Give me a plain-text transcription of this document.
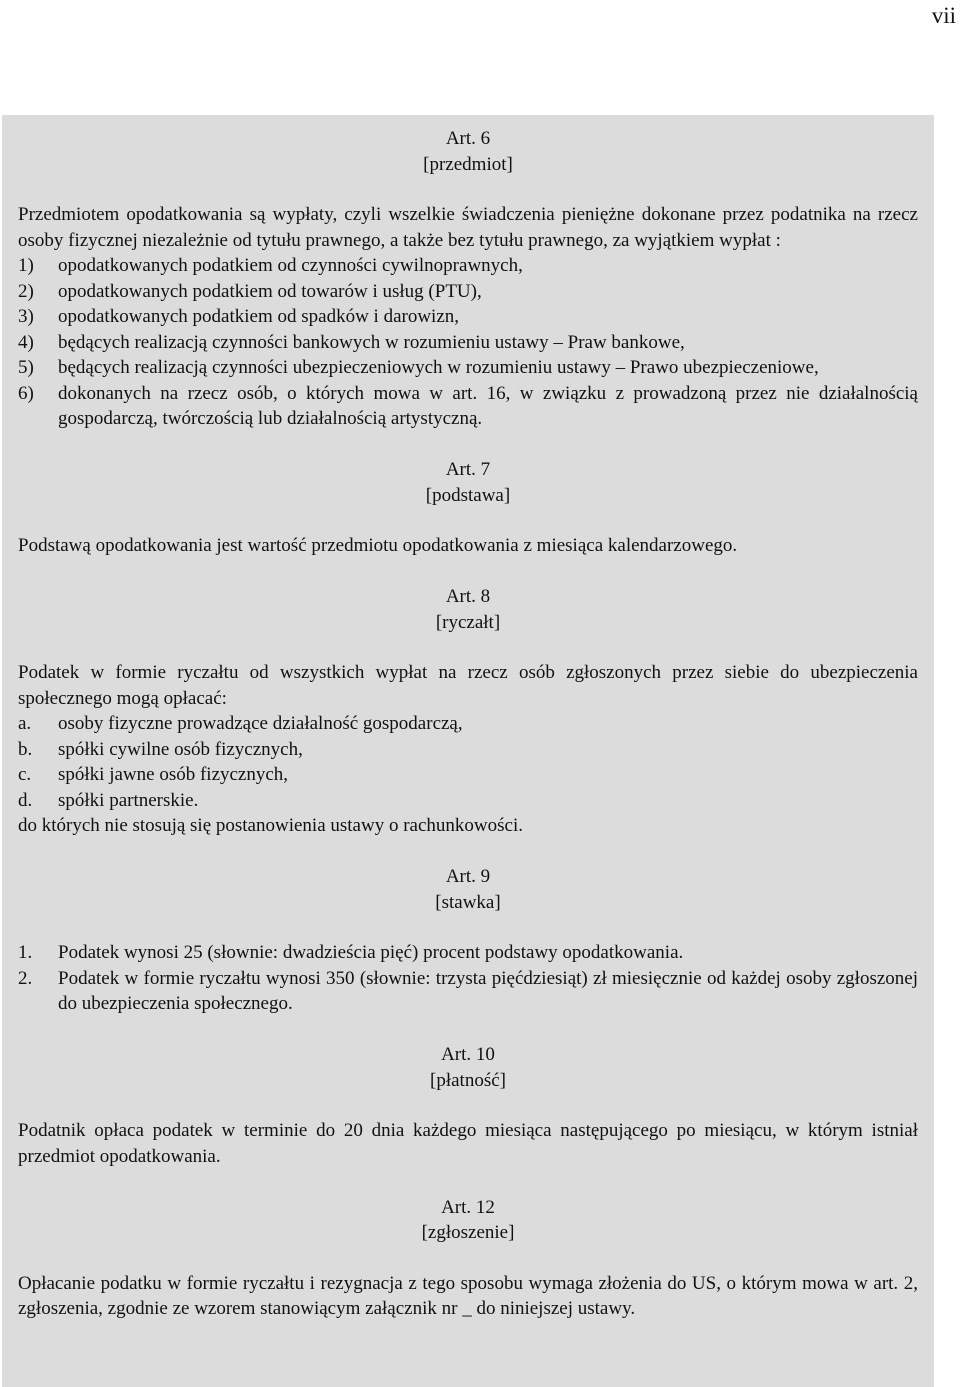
vii
Art. 6
[przedmiot]

Przedmiotem opodatkowania są wypłaty, czyli wszelkie świadczenia pieniężne dokonane przez podatnika na rzecz osoby fizycznej niezależnie od tytułu prawnego, a także bez tytułu prawnego, za wyjątkiem wypłat :

1)	opodatkowanych podatkiem od czynności cywilnoprawnych,
2)	opodatkowanych podatkiem od towarów i usług (PTU),
3)	opodatkowanych podatkiem od spadków i darowizn,
4)	będących realizacją czynności bankowych w rozumieniu ustawy – Praw bankowe,
5)	będących realizacją czynności ubezpieczeniowych w rozumieniu ustawy – Prawo ubezpieczeniowe,
6)	dokonanych na rzecz osób, o których mowa w art. 16, w związku z prowadzoną przez nie działalnością gospodarczą, twórczością lub działalnością artystyczną.
Art. 7
[podstawa]

Podstawą opodatkowania jest wartość przedmiotu opodatkowania z miesiąca kalendarzowego.

Art. 8
[ryczałt]

Podatek w formie ryczałtu od wszystkich wypłat na rzecz osób zgłoszonych przez siebie do ubezpieczenia społecznego mogą opłacać:

a.	osoby fizyczne prowadzące działalność gospodarczą,
b.	spółki cywilne osób fizycznych,
c.	spółki jawne osób fizycznych,
d.	spółki partnerskie.

do których nie stosują się postanowienia ustawy o rachunkowości.

Art. 9
[stawka]
1.	Podatek wynosi 25 (słownie: dwadzieścia pięć) procent podstawy opodatkowania.
2.	Podatek w formie ryczałtu wynosi 350 (słownie: trzysta pięćdziesiąt) zł miesięcznie od każdej osoby zgłoszonej do ubezpieczenia społecznego.
Art. 10
[płatność]

Podatnik opłaca podatek w terminie do 20 dnia każdego miesiąca następującego po miesiącu, w którym istniał przedmiot opodatkowania.

Art. 12
[zgłoszenie]

Opłacanie podatku w formie ryczałtu i rezygnacja z tego sposobu wymaga złożenia do US, o którym mowa w art. 2, zgłoszenia, zgodnie ze wzorem stanowiącym załącznik nr _ do niniejszej ustawy.
